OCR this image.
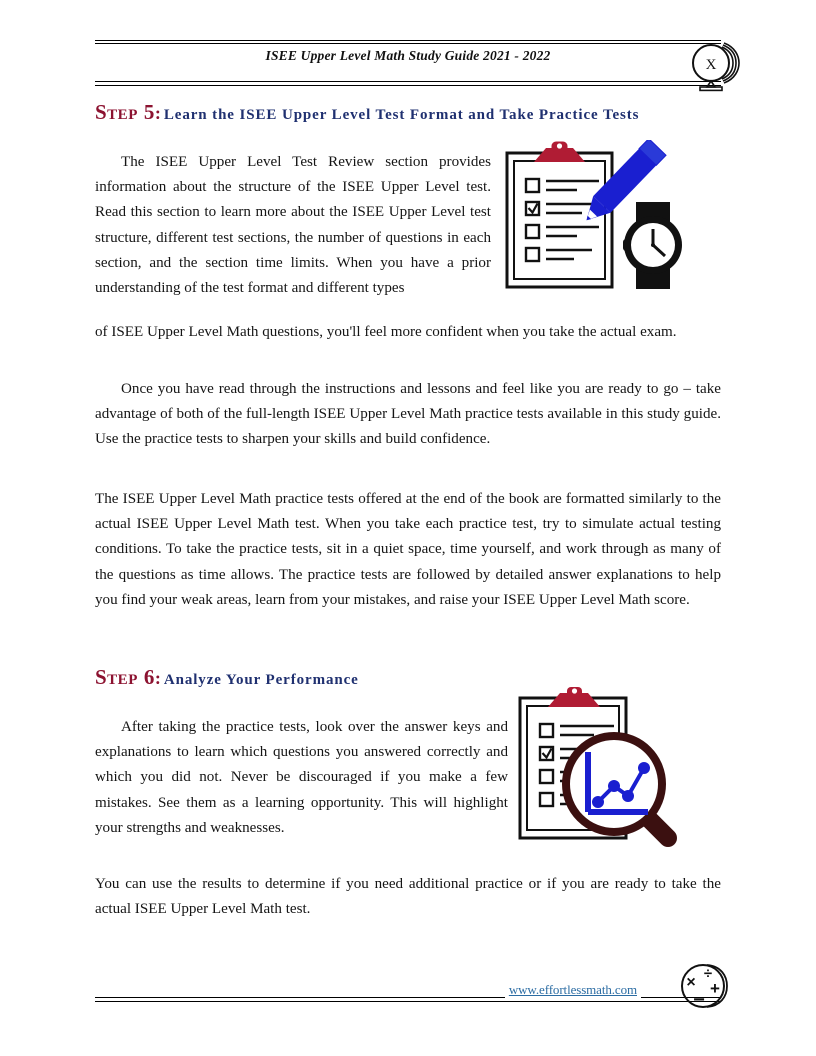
ISEE Upper Level Math Study Guide 2021 - 2022
X
Step 5: Learn the ISEE Upper Level Test Format and Take Practice Tests
The ISEE Upper Level Test Review section provides information about the structure of the ISEE Upper Level test. Read this section to learn more about the ISEE Upper Level test structure, different test sections, the number of questions in each section, and the section time limits. When you have a prior understanding of the test format and different types
of ISEE Upper Level Math questions, you'll feel more confident when you take the actual exam.
Once you have read through the instructions and lessons and feel like you are ready to go – take advantage of both of the full-length ISEE Upper Level Math practice tests available in this study guide. Use the practice tests to sharpen your skills and build confidence.
The ISEE Upper Level Math practice tests offered at the end of the book are formatted similarly to the actual ISEE Upper Level Math test. When you take each practice test, try to simulate actual testing conditions. To take the practice tests, sit in a quiet space, time yourself, and work through as many of the questions as time allows. The practice tests are followed by detailed answer explanations to help you find your weak areas, learn from your mistakes, and raise your ISEE Upper Level Math score.
Step 6: Analyze Your Performance
After taking the practice tests, look over the answer keys and explanations to learn which questions you answered correctly and which you did not. Never be discouraged if you make a few mistakes. See them as a learning opportunity. This will highlight your strengths and weaknesses.
You can use the results to determine if you need additional practice or if you are ready to take the actual ISEE Upper Level Math test.
www.effortlessmath.com	×
÷
+
−
